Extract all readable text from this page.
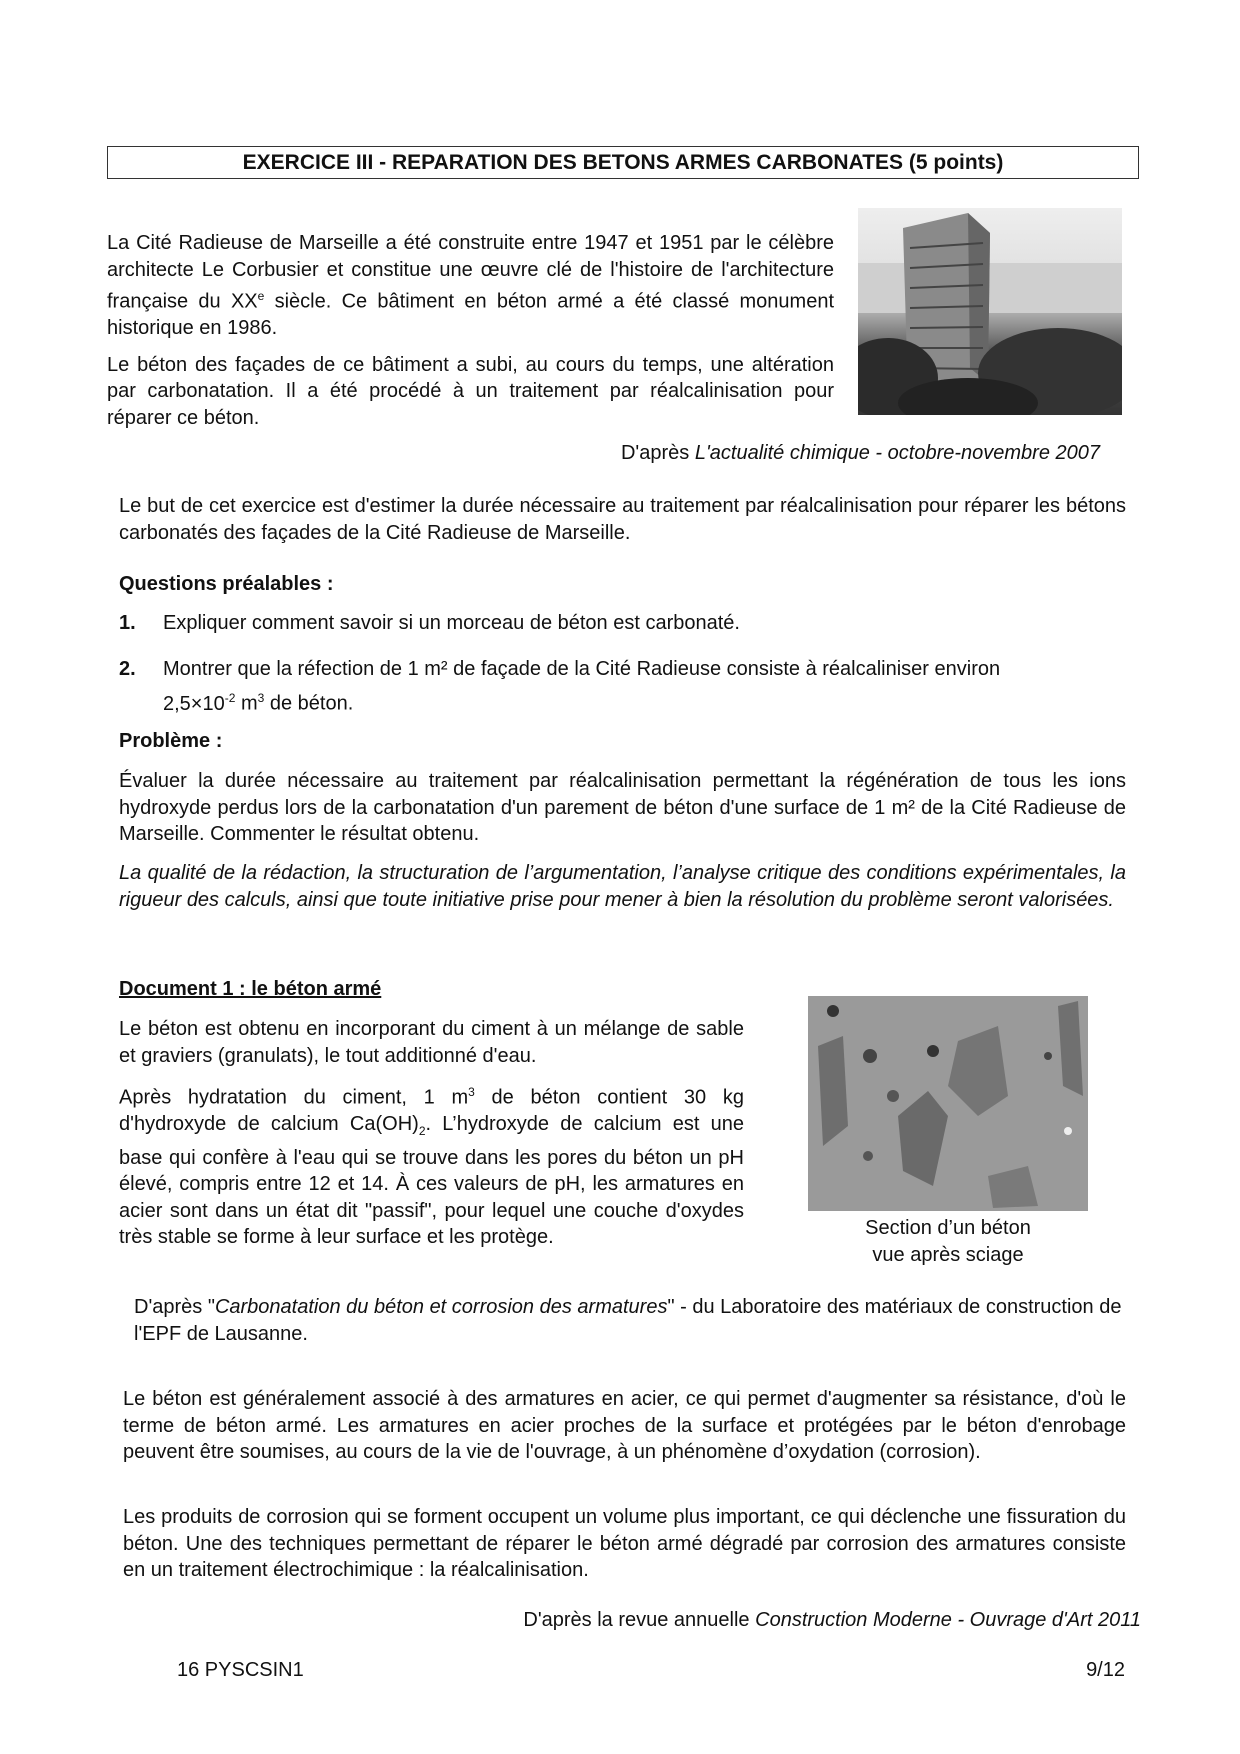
EXERCICE III - REPARATION DES BETONS ARMES CARBONATES (5 points)

La Cité Radieuse de Marseille a été construite entre 1947 et 1951 par le célèbre architecte Le Corbusier et constitue une œuvre clé de l'histoire de l'architecture française du XXe siècle. Ce bâtiment en béton armé a été classé monument historique en 1986.

Le béton des façades de ce bâtiment a subi, au cours du temps, une altération par carbonatation. Il a été procédé à un traitement par réalcalinisation pour réparer ce béton.

D'après L'actualité chimique - octobre-novembre 2007

Le but de cet exercice est d'estimer la durée nécessaire au traitement par réalcalinisation pour réparer les bétons carbonatés des façades de la Cité Radieuse de Marseille.

Questions préalables :
1. Expliquer comment savoir si un morceau de béton est carbonaté.
2. Montrer que la réfection de 1 m² de façade de la Cité Radieuse consiste à réalcaliniser environ
$2,5\times 10^{-2}$ $m^3$ de béton.
Problème :

Évaluer la durée nécessaire au traitement par réalcalinisation permettant la régénération de tous les ions hydroxyde perdus lors de la carbonatation d'un parement de béton d'une surface de 1 m² de la Cité Radieuse de Marseille. Commenter le résultat obtenu.

La qualité de la rédaction, la structuration de l’argumentation, l’analyse critique des conditions expérimentales, la rigueur des calculs, ainsi que toute initiative prise pour mener à bien la résolution du problème seront valorisées.

Document 1 : le béton armé

Le béton est obtenu en incorporant du ciment à un mélange de sable et graviers (granulats), le tout additionné d'eau.

Après hydratation du ciment, 1 $m^3$ de béton contient 30 kg d'hydroxyde de calcium $Ca(OH)_2$. L’hydroxyde de calcium est une base qui confère à l'eau qui se trouve dans les pores du béton un pH élevé, compris entre 12 et 14. À ces valeurs de pH, les armatures en acier sont dans un état dit "passif", pour lequel une couche d'oxydes très stable se forme à leur surface et les protège.	Section d’un béton
vue après sciage

D'après "Carbonatation du béton et corrosion des armatures" - du Laboratoire des matériaux de construction de l'EPF de Lausanne.

Le béton est généralement associé à des armatures en acier, ce qui permet d'augmenter sa résistance, d'où le terme de béton armé. Les armatures en acier proches de la surface et protégées par le béton d'enrobage peuvent être soumises, au cours de la vie de l'ouvrage, à un phénomène d’oxydation (corrosion).

Les produits de corrosion qui se forment occupent un volume plus important, ce qui déclenche une fissuration du béton. Une des techniques permettant de réparer le béton armé dégradé par corrosion des armatures consiste en un traitement électrochimique : la réalcalinisation.

D'après la revue annuelle Construction Moderne - Ouvrage d'Art 2011
16 PYSCSIN1	9/12
